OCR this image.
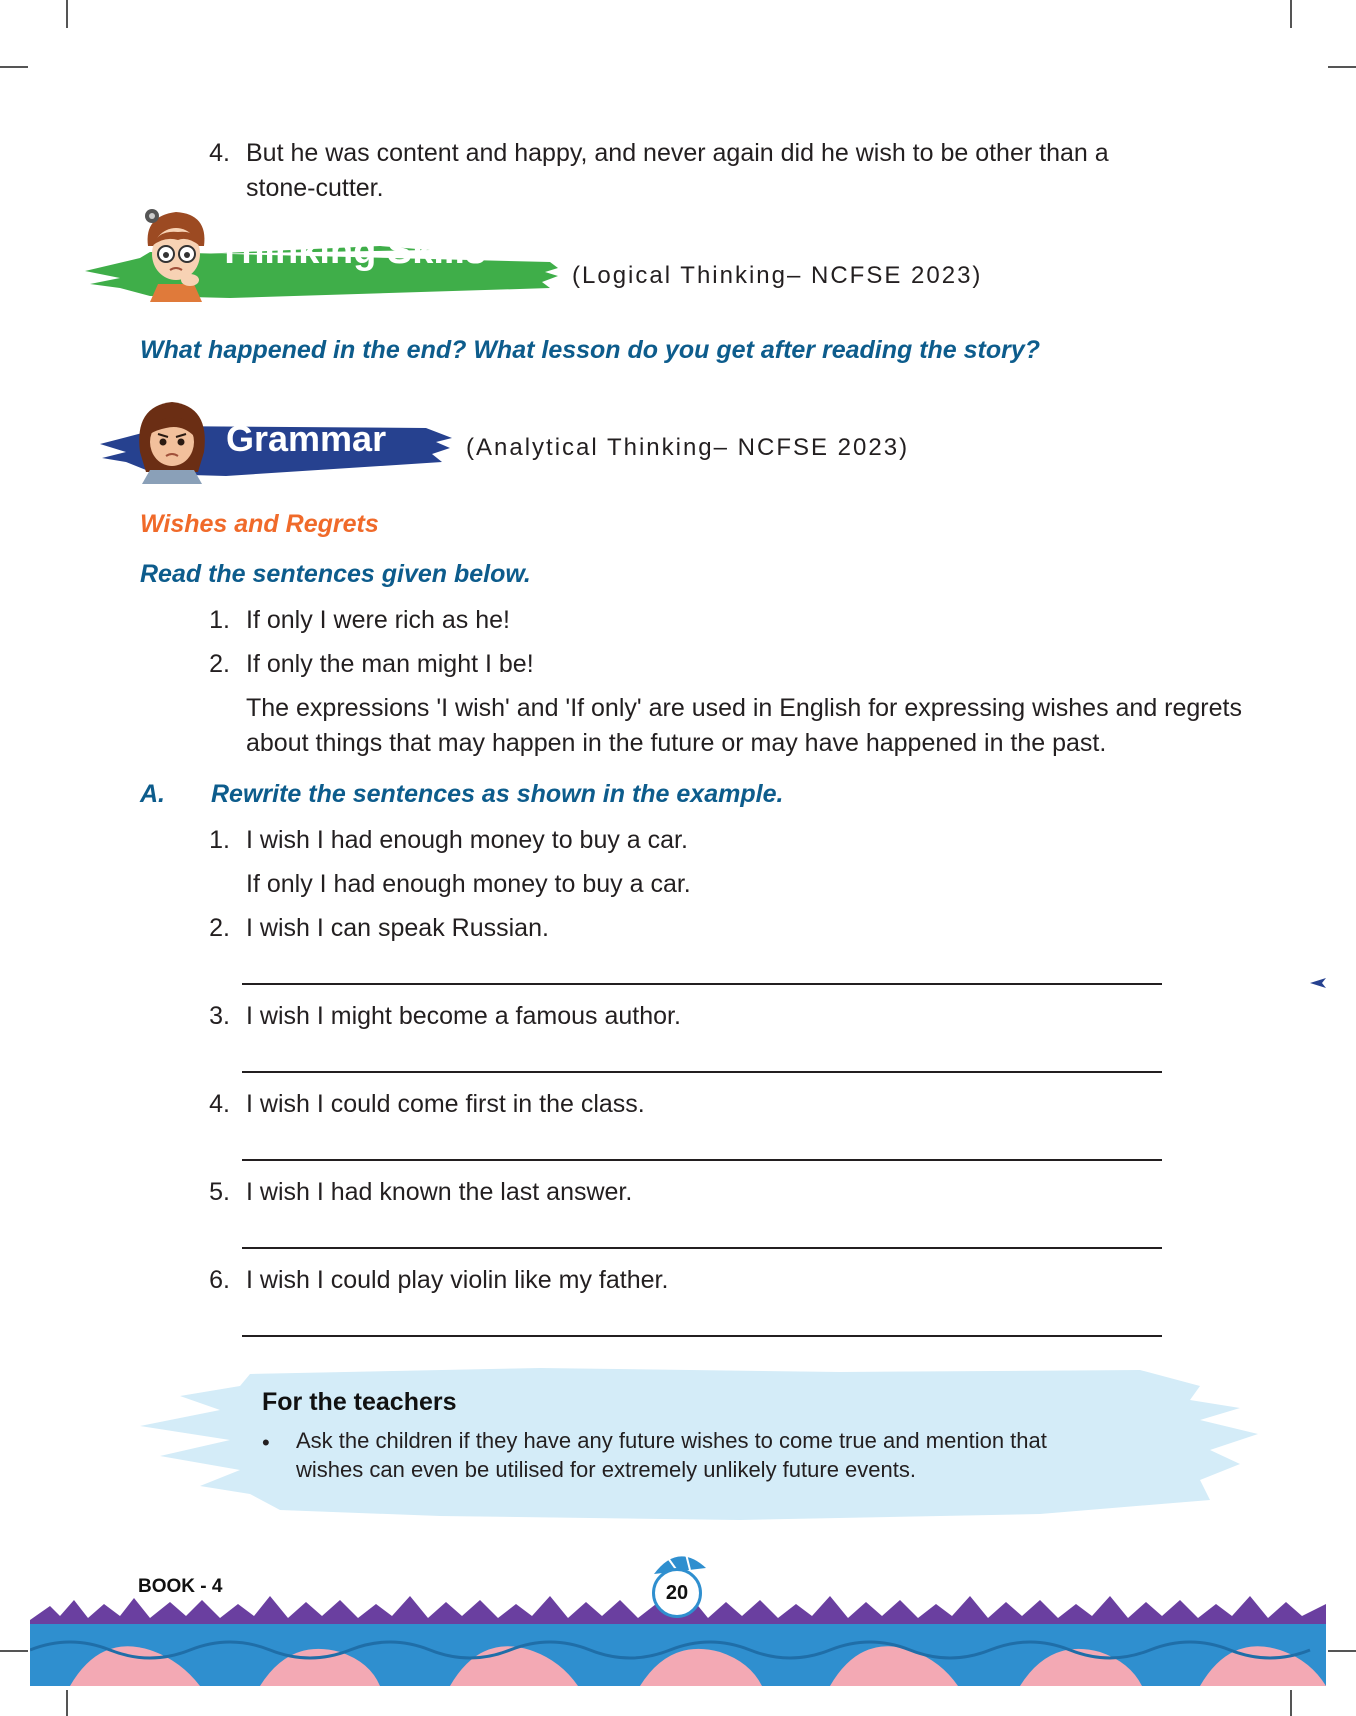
4. But he was content and happy, and never again did he wish to be other than a
stone-cutter.
Thinking Skills
(Logical Thinking– NCFSE 2023)
What happened in the end? What lesson do you get after reading the story?
Grammar	(Analytical Thinking– NCFSE 2023)
Wishes and Regrets
Read the sentences given below.
1. If only I were rich as he!
2. If only the man might I be!
The expressions 'I wish' and 'If only' are used in English for expressing wishes and regrets
about things that may happen in the future or may have happened in the past.
A. Rewrite the sentences as shown in the example.
1. I wish I had enough money to buy a car.
If only I had enough money to buy a car.
2. I wish I can speak Russian.
3. I wish I might become a famous author.
4. I wish I could come first in the class.
5. I wish I had known the last answer.
6. I wish I could play violin like my father.
For the teachers
• Ask the children if they have any future wishes to come true and mention that
wishes can even be utilised for extremely unlikely future events.
BOOK - 4	20
